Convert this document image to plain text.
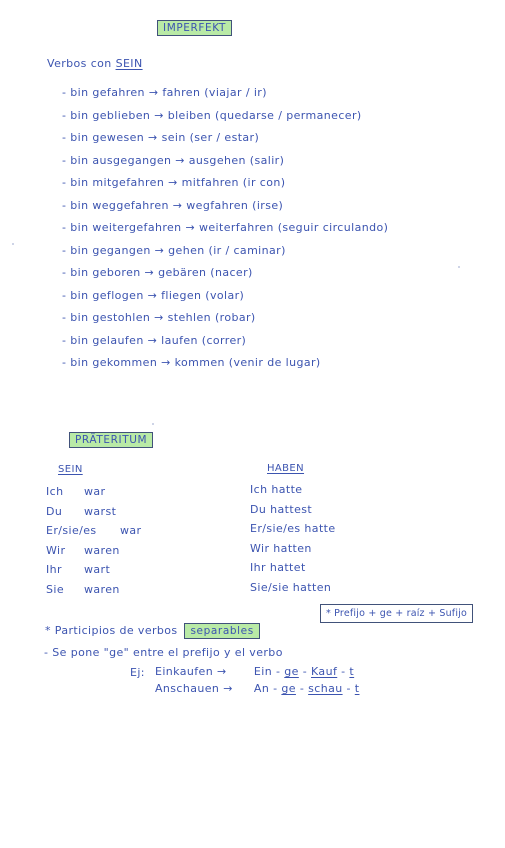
IMPERFEKT
Verbos con SEIN
- bin gefahren → fahren (viajar / ir)
- bin geblieben → bleiben (quedarse / permanecer)
- bin gewesen → sein (ser / estar)
- bin ausgegangen → ausgehen (salir)
- bin mitgefahren → mitfahren (ir con)
- bin weggefahren → wegfahren (irse)
- bin weitergefahren → weiterfahren (seguir circulando)
- bin gegangen → gehen (ir / caminar)
- bin geboren → gebären (nacer)
- bin geflogen → fliegen (volar)
- bin gestohlen → stehlen (robar)
- bin gelaufen → laufen (correr)
- bin gekommen → kommen (venir de lugar)
PRÄTERITUM
SEIN	HABEN
Ich war
Du warst
Er/sie/es war
Wir waren
Ihr wart
Sie waren
Ich hatte
Du hattest
Er/sie/es hatte
Wir hatten
Ihr hattet
Sie/sie hatten
* Prefijo + ge + raíz + Sufijo
* Participios de verbos separables
- Se pone "ge" entre el prefijo y el verbo
Ej: Einkaufen → Ein - ge - Kauf - t
Anschauen → An - ge - schau - t
